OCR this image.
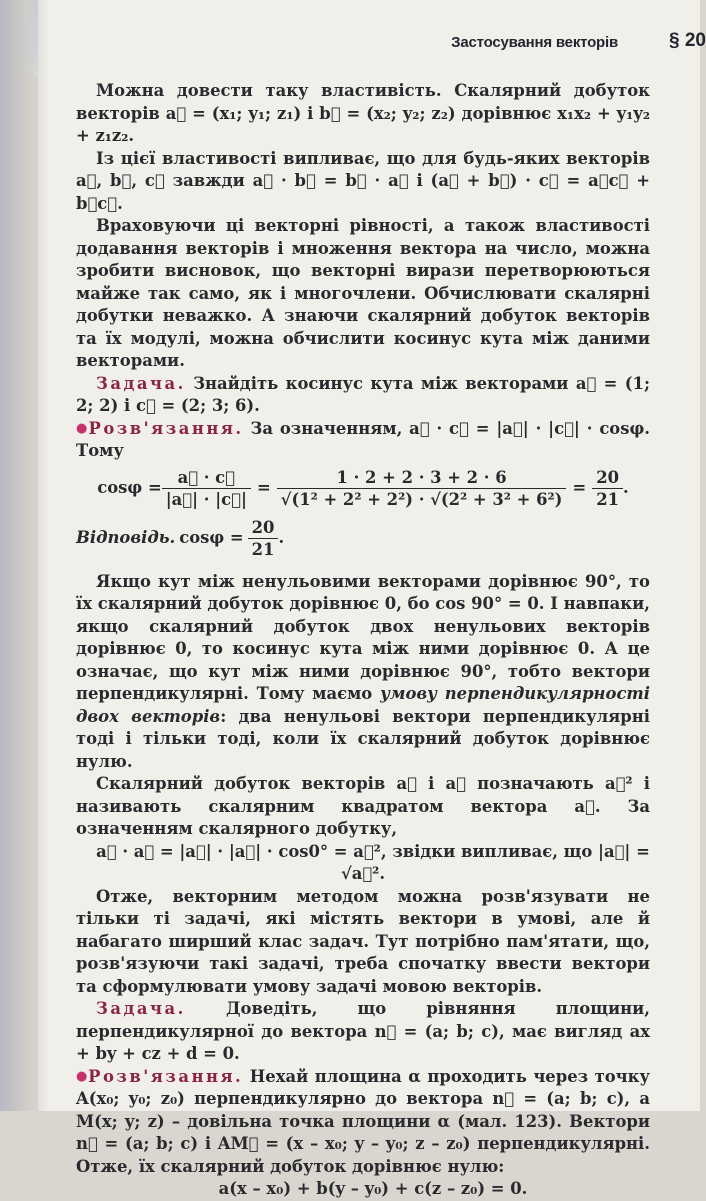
Застосування векторів	§ 20

Можна довести таку властивість. Скалярний добуток векторів a⃗ = (x₁; y₁; z₁) і b⃗ = (x₂; y₂; z₂) дорівнює x₁x₂ + y₁y₂ + z₁z₂.

Із цієї властивості випливає, що для будь-яких векторів a⃗, b⃗, c⃗ завжди a⃗ · b⃗ = b⃗ · a⃗ і (a⃗ + b⃗) · c⃗ = a⃗c⃗ + b⃗c⃗.

Враховуючи ці векторні рівності, а також властивості додавання векторів і множення вектора на число, можна зробити висновок, що векторні вирази перетворюються майже так само, як і многочлени. Обчислювати скалярні добутки неважко. А знаючи скалярний добуток векторів та їх модулі, можна обчислити косинус кута між даними векторами.

Задача. Знайдіть косинус кута між векторами a⃗ = (1; 2; 2) і c⃗ = (2; 3; 6).

●Розв'язання. За означенням, a⃗ · c⃗ = |a⃗| · |c⃗| · cosφ. Тому

$\cos\varphi = \frac{a⃗ \cdot c⃗}{|a⃗| \cdot |c⃗|} = \frac{1 \cdot 2 + 2 \cdot 3 + 2 \cdot 6}{\text{√(1² + 2² + 2²) · √(2² + 3² + 6²)}} = \frac{20}{21}$ .
Відповідь. $\cos\varphi = \frac{20}{21}$ .

Якщо кут між ненульовими векторами дорівнює 90°, то їх скалярний добуток дорівнює 0, бо cos 90° = 0. І навпаки, якщо скалярний добуток двох ненульових векторів дорівнює 0, то косинус кута між ними дорівнює 0. А це означає, що кут між ними дорівнює 90°, тобто вектори перпендикулярні. Тому маємо умову перпендикулярності двох векторів: два ненульові вектори перпендикулярні тоді і тільки тоді, коли їх скалярний добуток дорівнює нулю.

Скалярний добуток векторів a⃗ і a⃗ позначають a⃗² і називають скалярним квадратом вектора a⃗. За означенням скалярного добутку,

a⃗ · a⃗ = |a⃗| · |a⃗| · cos0° = a⃗², звідки випливає, що |a⃗| = √a⃗².

Отже, векторним методом можна розв'язувати не тільки ті задачі, які містять вектори в умові, але й набагато ширший клас задач. Тут потрібно пам'ятати, що, розв'язуючи такі задачі, треба спочатку ввести вектори та сформулювати умову задачі мовою векторів.

Задача. Доведіть, що рівняння площини, перпендикулярної до вектора n⃗ = (a; b; c), має вигляд ax + by + cz + d = 0.

●Розв'язання. Нехай площина α проходить через точку A(x₀; y₀; z₀) перпендикулярно до вектора n⃗ = (a; b; c), а M(x; y; z) – довільна точка площини α (мал. 123). Вектори n⃗ = (a; b; c) і AM⃗ = (x – x₀; y – y₀; z – z₀) перпендикулярні. Отже, їх скалярний добуток дорівнює нулю:

a(x – x₀) + b(y – y₀) + c(z – z₀) = 0.
